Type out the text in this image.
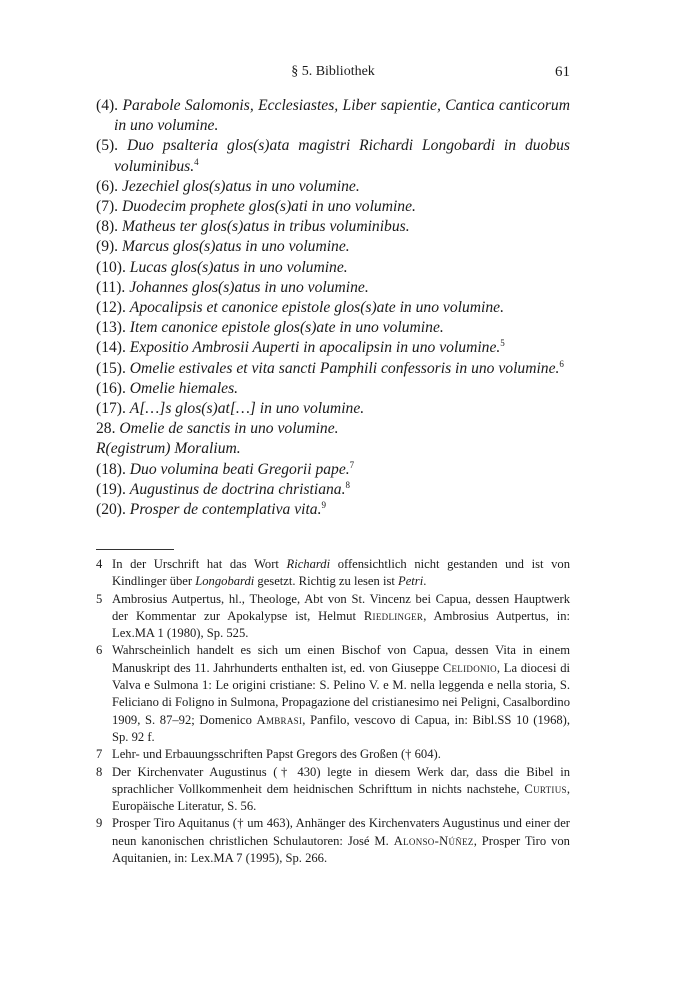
§ 5. Bibliothek	61
(4). Parabole Salomonis, Ecclesiastes, Liber sapientie, Cantica canticorum in uno volumine.
(5). Duo psalteria glos(s)ata magistri Richardi Longobardi in duobus voluminibus.$^4$
(6). Jezechiel glos(s)atus in uno volumine.
(7). Duodecim prophete glos(s)ati in uno volumine.
(8). Matheus ter glos(s)atus in tribus voluminibus.
(9). Marcus glos(s)atus in uno volumine.
(10). Lucas glos(s)atus in uno volumine.
(11). Johannes glos(s)atus in uno volumine.
(12). Apocalipsis et canonice epistole glos(s)ate in uno volumine.
(13). Item canonice epistole glos(s)ate in uno volumine.
(14). Expositio Ambrosii Auperti in apocalipsin in uno volumine.$^5$
(15). Omelie estivales et vita sancti Pamphili confessoris in uno volumine.$^6$
(16). Omelie hiemales.
(17). A[…]s glos(s)at[…] in uno volumine.
28. Omelie de sanctis in uno volumine.
R(egistrum) Moralium.
(18). Duo volumina beati Gregorii pape.$^7$
(19). Augustinus de doctrina christiana.$^8$
(20). Prosper de contemplativa vita.$^9$
4 In der Urschrift hat das Wort Richardi offensichtlich nicht gestanden und ist von Kindlinger über Longobardi gesetzt. Richtig zu lesen ist Petri.
5 Ambrosius Autpertus, hl., Theologe, Abt von St. Vincenz bei Capua, dessen Hauptwerk der Kommentar zur Apokalypse ist, Helmut Riedlinger, Ambrosius Autpertus, in: Lex.MA 1 (1980), Sp. 525.
6 Wahrscheinlich handelt es sich um einen Bischof von Capua, dessen Vita in einem Manuskript des 11. Jahrhunderts enthalten ist, ed. von Giuseppe Celidonio, La diocesi di Valva e Sulmona 1: Le origini cristiane: S. Pelino V. e M. nella leggenda e nella storia, S. Feliciano di Foligno in Sulmona, Propagazione del cristianesimo nei Peligni, Casalbordino 1909, S. 87–92; Domenico Ambrasi, Panfilo, vescovo di Capua, in: Bibl.SS 10 (1968), Sp. 92 f.
7 Lehr- und Erbauungsschriften Papst Gregors des Großen († 604).
8 Der Kirchenvater Augustinus († 430) legte in diesem Werk dar, dass die Bibel in sprachlicher Vollkommenheit dem heidnischen Schrifttum in nichts nachstehe, Curtius, Europäische Literatur, S. 56.
9 Prosper Tiro Aquitanus († um 463), Anhänger des Kirchenvaters Augustinus und einer der neun kanonischen christlichen Schulautoren: José M. Alonso-Núñez, Prosper Tiro von Aquitanien, in: Lex.MA 7 (1995), Sp. 266.
